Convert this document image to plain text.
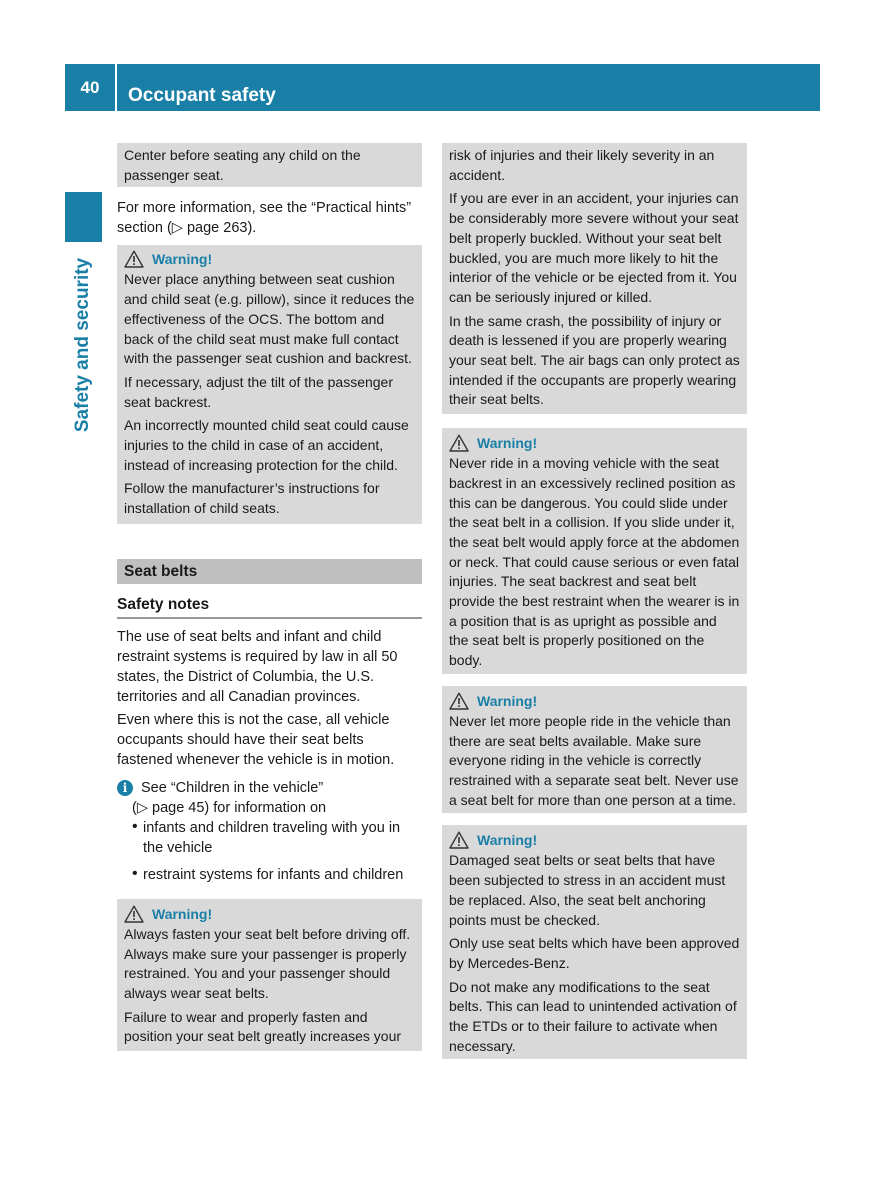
40	Occupant safety
Safety and security

Center before seating any child on the passenger seat.

For more information, see the “Practical hints” section (▷ page 263).

Warning!

Never place anything between seat cushion and child seat (e.g. pillow), since it reduces the effectiveness of the OCS. The bottom and back of the child seat must make full contact with the passenger seat cushion and backrest.

If necessary, adjust the tilt of the passenger seat backrest.

An incorrectly mounted child seat could cause injuries to the child in case of an accident, instead of increasing protection for the child.

Follow the manufacturer’s instructions for installation of child seats.

Seat belts
Safety notes

The use of seat belts and infant and child restraint systems is required by law in all 50 states, the District of Columbia, the U.S. territories and all Canadian provinces.

Even where this is not the case, all vehicle occupants should have their seat belts fastened whenever the vehicle is in motion.

i See “Children in the vehicle”

(▷ page 45) for information on

• infants and children traveling with you in the vehicle

• restraint systems for infants and children

Warning!

Always fasten your seat belt before driving off. Always make sure your passenger is properly restrained. You and your passenger should always wear seat belts.

Failure to wear and properly fasten and position your seat belt greatly increases your

risk of injuries and their likely severity in an accident.

If you are ever in an accident, your injuries can be considerably more severe without your seat belt properly buckled. Without your seat belt buckled, you are much more likely to hit the interior of the vehicle or be ejected from it. You can be seriously injured or killed.

In the same crash, the possibility of injury or death is lessened if you are properly wearing your seat belt. The air bags can only protect as intended if the occupants are properly wearing their seat belts.

Warning!

Never ride in a moving vehicle with the seat backrest in an excessively reclined position as this can be dangerous. You could slide under the seat belt in a collision. If you slide under it, the seat belt would apply force at the abdomen or neck. That could cause serious or even fatal injuries. The seat backrest and seat belt provide the best restraint when the wearer is in a position that is as upright as possible and the seat belt is properly positioned on the body.

Warning!

Never let more people ride in the vehicle than there are seat belts available. Make sure everyone riding in the vehicle is correctly restrained with a separate seat belt. Never use a seat belt for more than one person at a time.

Warning!

Damaged seat belts or seat belts that have been subjected to stress in an accident must be replaced. Also, the seat belt anchoring points must be checked.

Only use seat belts which have been approved by Mercedes-Benz.

Do not make any modifications to the seat belts. This can lead to unintended activation of the ETDs or to their failure to activate when necessary.
